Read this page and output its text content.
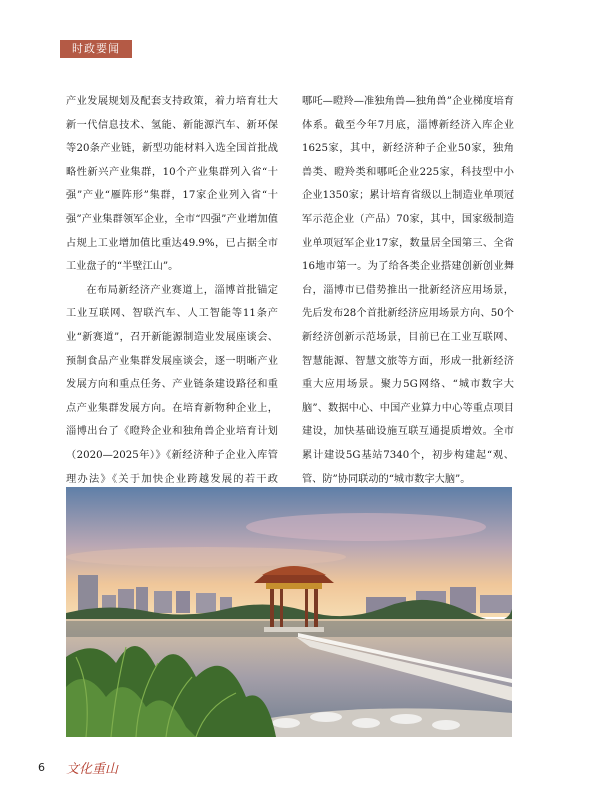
时政要闻

产业发展规划及配套支持政策，着力培育壮大新一代信息技术、氢能、新能源汽车、新环保等20条产业链，新型功能材料入选全国首批战略性新兴产业集群，10个产业集群列入省“十强”产业“雁阵形”集群，17家企业列入省“十强”产业集群领军企业，全市“四强”产业增加值占规上工业增加值比重达49.9%，已占据全市工业盘子的“半壁江山”。

在布局新经济产业赛道上，淄博首批锚定工业互联网、智联汽车、人工智能等11条产业“新赛道”，召开新能源制造业发展座谈会、预制食品产业集群发展座谈会，逐一明晰产业发展方向和重点任务、产业链条建设路径和重点产业集群发展方向。在培育新物种企业上，淄博出台了《瞪羚企业和独角兽企业培育计划（2020—2025年）》《新经济种子企业入库管理办法》《关于加快企业跨越发展的若干政

哪吒—瞪羚—准独角兽—独角兽”企业梯度培育体系。截至今年7月底，淄博新经济入库企业1625家，其中，新经济种子企业50家，独角兽类、瞪羚类和哪吒企业225家，科技型中小企业1350家；累计培育省级以上制造业单项冠军示范企业（产品）70家，其中，国家级制造业单项冠军企业17家，数量居全国第三、全省16地市第一。为了给各类企业搭建创新创业舞台，淄博市已借势推出一批新经济应用场景，先后发布28个首批新经济应用场景方向、50个新经济创新示范场景，目前已在工业互联网、智慧能源、智慧文旅等方面，形成一批新经济重大应用场景。聚力5G网络、“城市数字大脑”、数据中心、中国产业算力中心等重点项目建设，加快基础设施互联互通提质增效。全市累计建设5G基站7340个，初步构建起“观、管、防”协同联动的“城市数字大脑”。

6 文化重山
